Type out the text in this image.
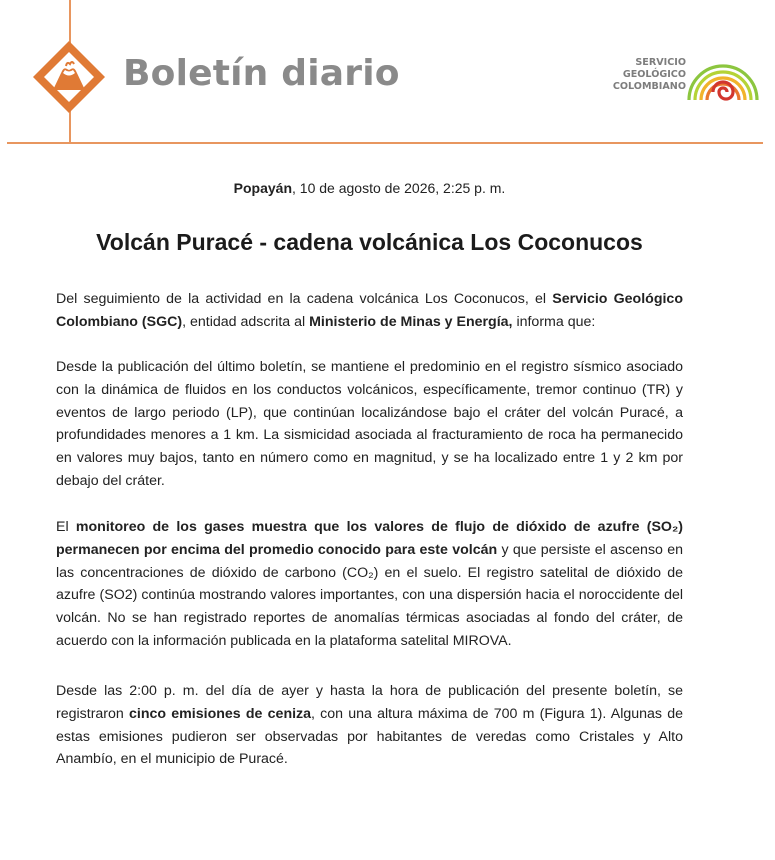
Boletín diario	SERVICIO
GEOLÓGICO
COLOMBIANO
Popayán, 10 de agosto de 2026, 2:25 p. m.
Volcán Puracé - cadena volcánica Los Coconucos
Del seguimiento de la actividad en la cadena volcánica Los Coconucos, el Servicio Geológico Colombiano (SGC), entidad adscrita al Ministerio de Minas y Energía, informa que:
Desde la publicación del último boletín, se mantiene el predominio en el registro sísmico asociado con la dinámica de fluidos en los conductos volcánicos, específicamente, tremor continuo (TR) y eventos de largo periodo (LP), que continúan localizándose bajo el cráter del volcán Puracé, a profundidades menores a 1 km. La sismicidad asociada al fracturamiento de roca ha permanecido en valores muy bajos, tanto en número como en magnitud, y se ha localizado entre 1 y 2 km por debajo del cráter.
El monitoreo de los gases muestra que los valores de flujo de dióxido de azufre (SO₂) permanecen por encima del promedio conocido para este volcán y que persiste el ascenso en las concentraciones de dióxido de carbono (CO₂) en el suelo. El registro satelital de dióxido de azufre (SO2) continúa mostrando valores importantes, con una dispersión hacia el noroccidente del volcán. No se han registrado reportes de anomalías térmicas asociadas al fondo del cráter, de acuerdo con la información publicada en la plataforma satelital MIROVA.
Desde las 2:00 p. m. del día de ayer y hasta la hora de publicación del presente boletín, se registraron cinco emisiones de ceniza, con una altura máxima de 700 m (Figura 1). Algunas de estas emisiones pudieron ser observadas por habitantes de veredas como Cristales y Alto Anambío, en el municipio de Puracé.
